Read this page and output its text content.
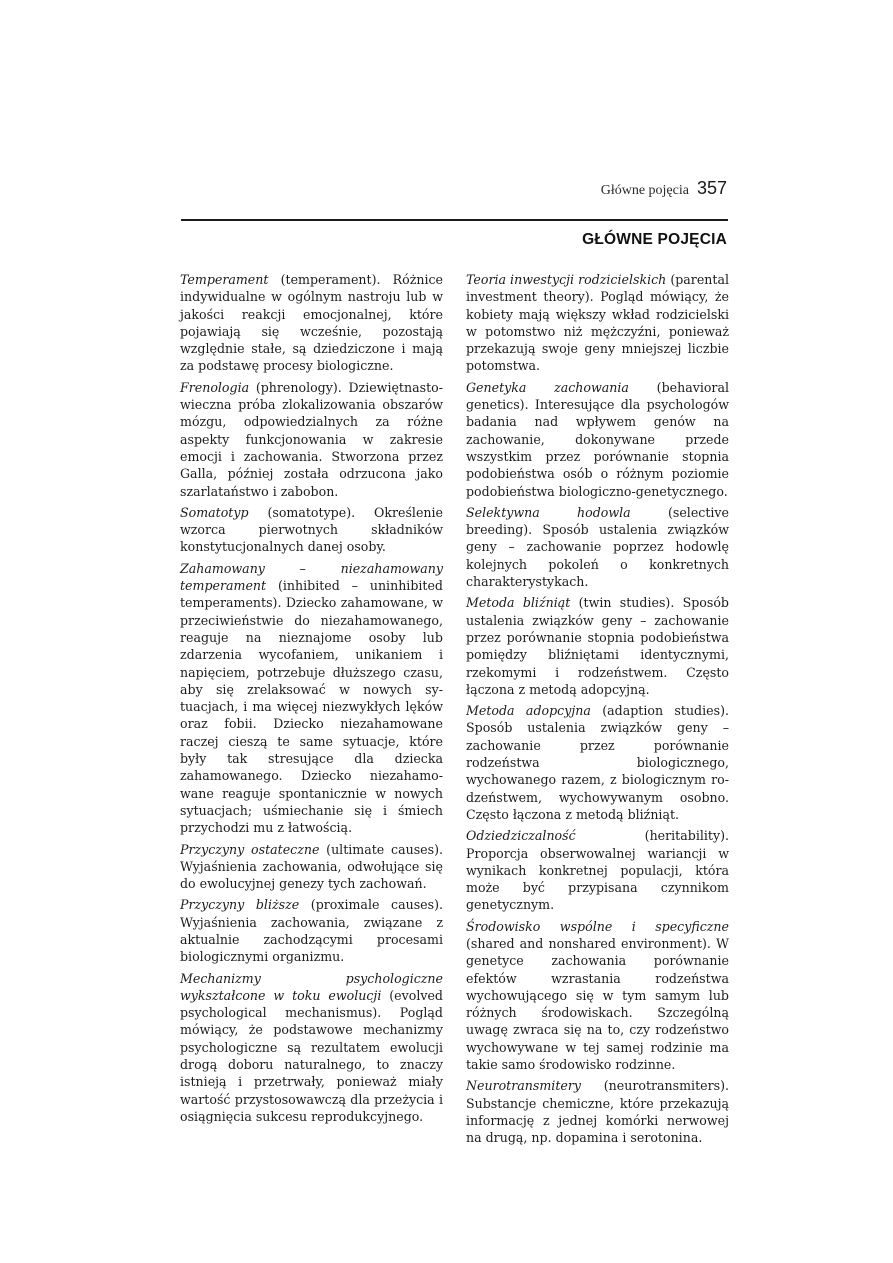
Główne pojęcia 357
GŁÓWNE POJĘCIA

Temperament (temperament). Różnice indywidualne w ogólnym nastroju lub w jakości reakcji emocjonalnej, które pojawiają się wcześnie, pozostają względnie stałe, są dziedziczone i mają za podstawę procesy biologiczne.

Frenologia (phrenology). Dziewiętnastowieczna próba zlokalizowania obszarów mózgu, odpowiedzialnych za różne aspekty funkcjonowania w zakresie emocji i zachowania. Stworzona przez Galla, później została odrzucona jako szarlataństwo i zabobon.

Somatotyp (somatotype). Określenie wzorca pierwotnych składników konstytucjonalnych danej osoby.

Zahamowany – niezahamowany temperament (inhibited – uninhibited temperaments). Dziecko zahamowane, w przeciwieństwie do niezahamowanego, reaguje na nieznajome osoby lub zdarzenia wycofaniem, unikaniem i napięciem, potrzebuje dłuższego czasu, aby się zrelaksować w nowych sytuacjach, i ma więcej niezwykłych lęków oraz fobii. Dziecko niezahamowane raczej cieszą te same sytuacje, które były tak stresujące dla dziecka zahamowanego. Dziecko niezahamowane reaguje spontanicznie w nowych sytuacjach; uśmiechanie się i śmiech przychodzi mu z łatwością.

Przyczyny ostateczne (ultimate causes). Wyjaśnienia zachowania, odwołujące się do ewolucyjnej genezy tych zachowań.

Przyczyny bliższe (proximale causes). Wyjaśnienia zachowania, związane z aktualnie zachodzącymi procesami biologicznymi organizmu.

Mechanizmy psychologiczne wykształcone w toku ewolucji (evolved psychological mechanismus). Pogląd mówiący, że podstawowe mechanizmy psychologiczne są rezultatem ewolucji drogą doboru naturalnego, to znaczy istnieją i przetrwały, ponieważ miały wartość przystosowawczą dla przeżycia i osiągnięcia sukcesu reprodukcyjnego.

Teoria inwestycji rodzicielskich (parental investment theory). Pogląd mówiący, że kobiety mają większy wkład rodzicielski w potomstwo niż mężczyźni, ponieważ przekazują swoje geny mniejszej liczbie potomstwa.

Genetyka zachowania (behavioral genetics). Interesujące dla psychologów badania nad wpływem genów na zachowanie, dokonywane przede wszystkim przez porównanie stopnia podobieństwa osób o różnym poziomie podobieństwa biologiczno-genetycznego.

Selektywna hodowla (selective breeding). Sposób ustalenia związków geny – zachowanie poprzez hodowlę kolejnych pokoleń o konkretnych charakterystykach.

Metoda bliźniąt (twin studies). Sposób ustalenia związków geny – zachowanie przez porównanie stopnia podobieństwa pomiędzy bliźniętami identycznymi, rzekomymi i rodzeństwem. Często łączona z metodą adopcyjną.

Metoda adopcyjna (adaption studies). Sposób ustalenia związków geny – zachowanie przez porównanie rodzeństwa biologicznego, wychowanego razem, z biologicznym rodzeństwem, wychowywanym osobno. Często łączona z metodą bliźniąt.

Odziedziczalność (heritability). Proporcja obserwowalnej wariancji w wynikach konkretnej populacji, która może być przypisana czynnikom genetycznym.

Środowisko wspólne i specyficzne (shared and nonshared environment). W genetyce zachowania porównanie efektów wzrastania rodzeństwa wychowującego się w tym samym lub różnych środowiskach. Szczególną uwagę zwraca się na to, czy rodzeństwo wychowywane w tej samej rodzinie ma takie samo środowisko rodzinne.

Neurotransmitery (neurotransmiters). Substancje chemiczne, które przekazują informację z jednej komórki nerwowej na drugą, np. dopamina i serotonina.
